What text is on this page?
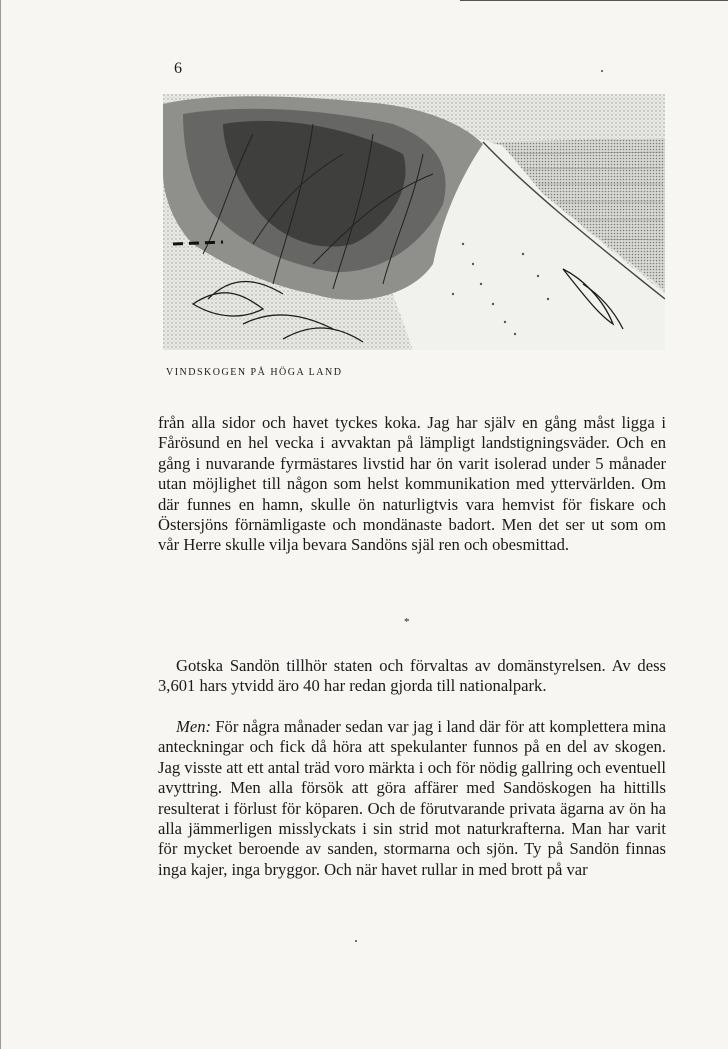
6
VINDSKOGEN PÅ HÖGA LAND

från alla sidor och havet tyckes koka. Jag har själv en gång måst ligga i Fårösund en hel vecka i avvaktan på lämpligt landstigningsväder. Och en gång i nuvarande fyrmästares livstid har ön varit isolerad under 5 månader utan möjlighet till någon som helst kommunikation med yttervärlden. Om där funnes en hamn, skulle ön naturligtvis vara hemvist för fiskare och Östersjöns förnämligaste och mondänaste badort. Men det ser ut som om vår Herre skulle vilja bevara Sandöns själ ren och obesmittad.

*

Gotska Sandön tillhör staten och förvaltas av domänstyrelsen. Av dess 3,601 hars ytvidd äro 40 har redan gjorda till nationalpark.

Men: För några månader sedan var jag i land där för att komplettera mina anteckningar och fick då höra att spekulanter funnos på en del av skogen. Jag visste att ett antal träd voro märkta i och för nödig gallring och eventuell avyttring. Men alla försök att göra affärer med Sandöskogen ha hittills resulterat i förlust för köparen. Och de förutvarande privata ägarna av ön ha alla jämmerligen misslyckats i sin strid mot naturkrafterna. Man har varit för mycket beroende av sanden, stormarna och sjön. Ty på Sandön finnas inga kajer, inga bryggor. Och när havet rullar in med brott på var
